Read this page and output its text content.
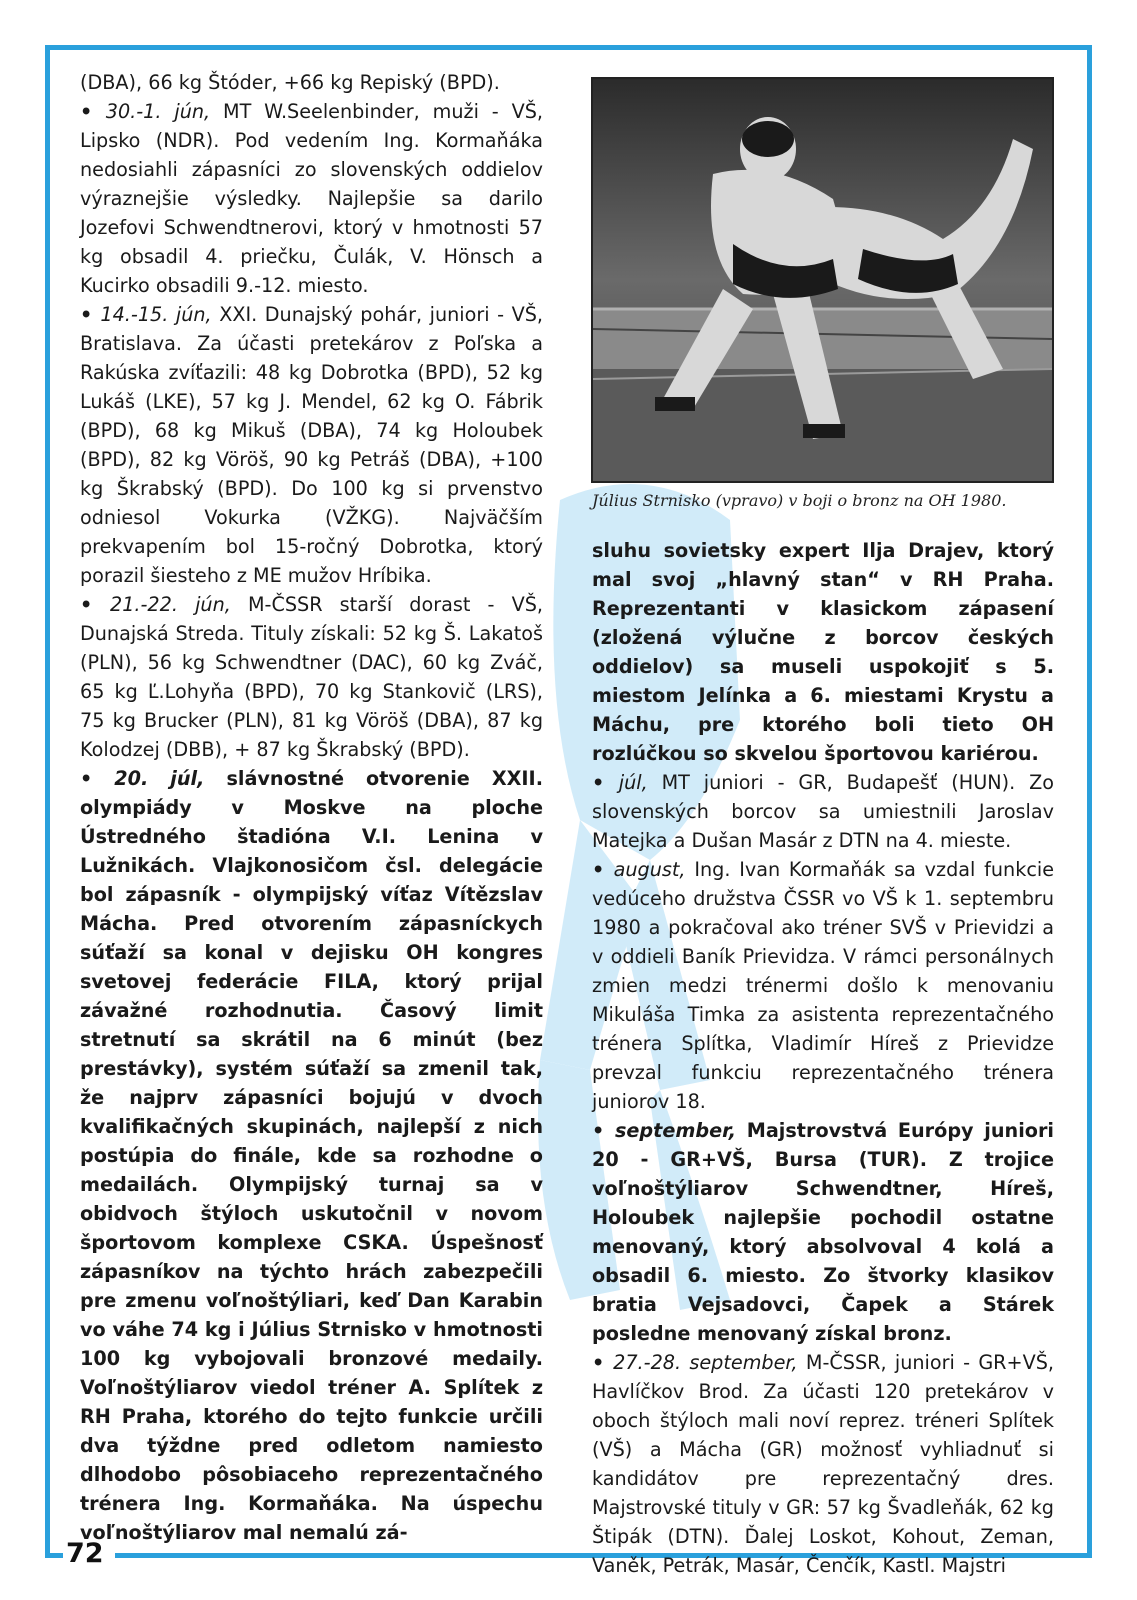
72

(DBA), 66 kg Štóder, +66 kg Repiský (BPD).

• 30.-1. jún, MT W.Seelenbinder, muži - VŠ, Lipsko (NDR). Pod vedením Ing. Kormaňáka nedosiahli zápasníci zo slovenských oddielov výraznejšie výsledky. Najlepšie sa darilo Jozefovi Schwendtnerovi, ktorý v hmotnosti 57 kg obsadil 4. priečku, Čulák, V. Hönsch a Kucirko obsadili 9.-12. miesto.

• 14.-15. jún, XXI. Dunajský pohár, juniori - VŠ, Bratislava. Za účasti pretekárov z Poľska a Rakúska zvíťazili: 48 kg Dobrotka (BPD), 52 kg Lukáš (LKE), 57 kg J. Mendel, 62 kg O. Fábrik (BPD), 68 kg Mikuš (DBA), 74 kg Holoubek (BPD), 82 kg Vöröš, 90 kg Petráš (DBA), +100 kg Škrabský (BPD). Do 100 kg si prvenstvo odniesol Vokurka (VŽKG). Najväčším prekvapením bol 15-ročný Dobrotka, ktorý porazil šiesteho z ME mužov Hríbika.

• 21.-22. jún, M-ČSSR starší dorast - VŠ, Dunajská Streda. Tituly získali: 52 kg Š. Lakatoš (PLN), 56 kg Schwendtner (DAC), 60 kg Zváč, 65 kg Ľ.Lohyňa (BPD), 70 kg Stankovič (LRS), 75 kg Brucker (PLN), 81 kg Vöröš (DBA), 87 kg Kolodzej (DBB), + 87 kg Škrabský (BPD).

• 20. júl, slávnostné otvorenie XXII. olympiády v Moskve na ploche Ústredného štadióna V.I. Lenina v Lužnikách. Vlajkonosičom čsl. delegácie bol zápasník - olympijský víťaz Vítězslav Mácha. Pred otvorením zápasníckych súťaží sa konal v dejisku OH kongres svetovej federácie FILA, ktorý prijal závažné rozhodnutia. Časový limit stretnutí sa skrátil na 6 minút (bez prestávky), systém súťaží sa zmenil tak, že najprv zápasníci bojujú v dvoch kvalifikačných skupinách, najlepší z nich postúpia do finále, kde sa rozhodne o medailách. Olympijský turnaj sa v obidvoch štýloch uskutočnil v novom športovom komplexe CSKA. Úspešnosť zápasníkov na týchto hrách zabezpečili pre zmenu voľnoštýliari, keď Dan Karabin vo váhe 74 kg i Július Strnisko v hmotnosti 100 kg vybojovali bronzové medaily. Voľnoštýliarov viedol tréner A. Splítek z RH Praha, ktorého do tejto funkcie určili dva týždne pred odletom namiesto dlhodobo pôsobiaceho reprezentačného trénera Ing. Kormaňáka. Na úspechu voľnoštýliarov mal nemalú zá-

Július Strnisko (vpravo) v boji o bronz na OH 1980.

sluhu sovietsky expert Ilja Drajev, ktorý mal svoj „hlavný stan“ v RH Praha. Reprezentanti v klasickom zápasení (zložená výlučne z borcov českých oddielov) sa museli uspokojiť s 5. miestom Jelínka a 6. miestami Krystu a Máchu, pre ktorého boli tieto OH rozlúčkou so skvelou športovou kariérou.

• júl, MT juniori - GR, Budapešť (HUN). Zo slovenských borcov sa umiestnili Jaroslav Matejka a Dušan Masár z DTN na 4. mieste.

• august, Ing. Ivan Kormaňák sa vzdal funkcie vedúceho družstva ČSSR vo VŠ k 1. septembru 1980 a pokračoval ako tréner SVŠ v Prievidzi a v oddieli Baník Prievidza. V rámci personálnych zmien medzi trénermi došlo k menovaniu Mikuláša Timka za asistenta reprezentačného trénera Splítka, Vladimír Híreš z Prievidze prevzal funkciu reprezentačného trénera juniorov 18.

• september, Majstrovstvá Európy juniori 20 - GR+VŠ, Bursa (TUR). Z trojice voľnoštýliarov Schwendtner, Híreš, Holoubek najlepšie pochodil ostatne menovaný, ktorý absolvoval 4 kolá a obsadil 6. miesto. Zo štvorky klasikov bratia Vejsadovci, Čapek a Stárek posledne menovaný získal bronz.

• 27.-28. september, M-ČSSR, juniori - GR+VŠ, Havlíčkov Brod. Za účasti 120 pretekárov v oboch štýloch mali noví reprez. tréneri Splítek (VŠ) a Mácha (GR) možnosť vyhliadnuť si kandidátov pre reprezentačný dres. Majstrovské tituly v GR: 57 kg Švadleňák, 62 kg Štipák (DTN). Ďalej Loskot, Kohout, Zeman, Vaněk, Petrák, Masár, Čenčík, Kastl. Majstri
